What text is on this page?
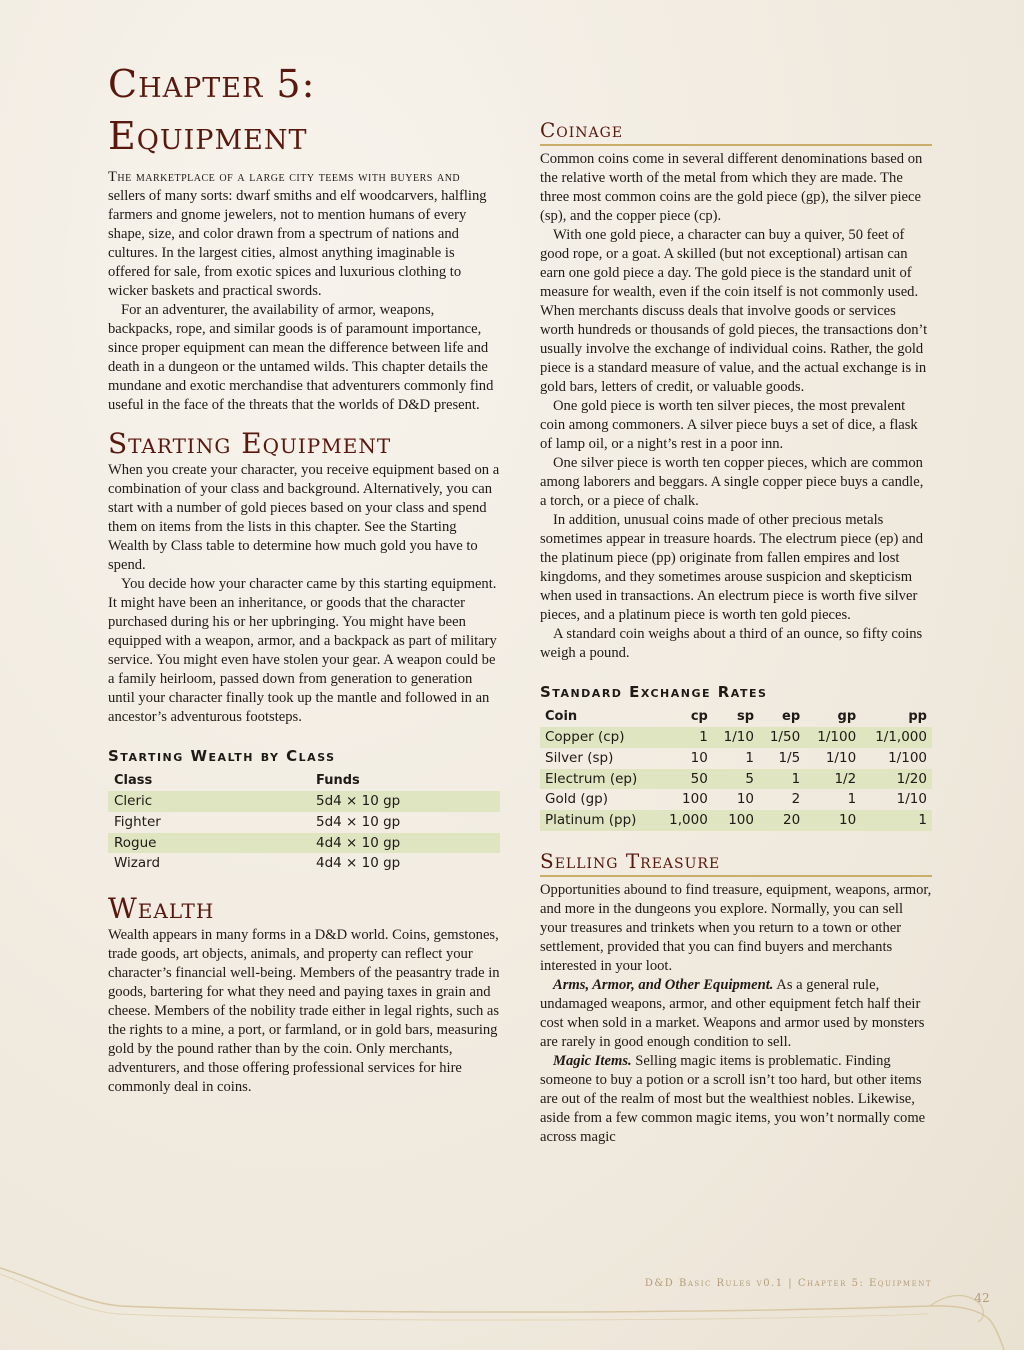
Chapter 5: Equipment

The marketplace of a large city teems with buyers and sellers of many sorts: dwarf smiths and elf woodcarvers, halfling farmers and gnome jewelers, not to mention humans of every shape, size, and color drawn from a spectrum of nations and cultures. In the largest cities, almost anything imaginable is offered for sale, from exotic spices and luxurious clothing to wicker baskets and practical swords.

For an adventurer, the availability of armor, weapons, backpacks, rope, and similar goods is of paramount importance, since proper equipment can mean the difference between life and death in a dungeon or the untamed wilds. This chapter details the mundane and exotic merchandise that adventurers commonly find useful in the face of the threats that the worlds of D&D present.

Starting Equipment

When you create your character, you receive equipment based on a combination of your class and background. Alternatively, you can start with a number of gold pieces based on your class and spend them on items from the lists in this chapter. See the Starting Wealth by Class table to determine how much gold you have to spend.

You decide how your character came by this starting equipment. It might have been an inheritance, or goods that the character purchased during his or her upbringing. You might have been equipped with a weapon, armor, and a backpack as part of military service. You might even have stolen your gear. A weapon could be a family heirloom, passed down from generation to generation until your character finally took up the mantle and followed in an ancestor’s adventurous footsteps.

Starting Wealth by Class
Class	Funds
Cleric	5d4 × 10 gp
Fighter	5d4 × 10 gp
Rogue	4d4 × 10 gp
Wizard	4d4 × 10 gp
Wealth

Wealth appears in many forms in a D&D world. Coins, gemstones, trade goods, art objects, animals, and property can reflect your character’s financial well-being. Members of the peasantry trade in goods, bartering for what they need and paying taxes in grain and cheese. Members of the nobility trade either in legal rights, such as the rights to a mine, a port, or farmland, or in gold bars, measuring gold by the pound rather than by the coin. Only merchants, adventurers, and those offering professional services for hire commonly deal in coins.

Coinage

Common coins come in several different denominations based on the relative worth of the metal from which they are made. The three most common coins are the gold piece (gp), the silver piece (sp), and the copper piece (cp).

With one gold piece, a character can buy a quiver, 50 feet of good rope, or a goat. A skilled (but not exceptional) artisan can earn one gold piece a day. The gold piece is the standard unit of measure for wealth, even if the coin itself is not commonly used. When merchants discuss deals that involve goods or services worth hundreds or thousands of gold pieces, the transactions don’t usually involve the exchange of individual coins. Rather, the gold piece is a standard measure of value, and the actual exchange is in gold bars, letters of credit, or valuable goods.

One gold piece is worth ten silver pieces, the most prevalent coin among commoners. A silver piece buys a set of dice, a flask of lamp oil, or a night’s rest in a poor inn.

One silver piece is worth ten copper pieces, which are common among laborers and beggars. A single copper piece buys a candle, a torch, or a piece of chalk.

In addition, unusual coins made of other precious metals sometimes appear in treasure hoards. The electrum piece (ep) and the platinum piece (pp) originate from fallen empires and lost kingdoms, and they sometimes arouse suspicion and skepticism when used in transactions. An electrum piece is worth five silver pieces, and a platinum piece is worth ten gold pieces.

A standard coin weighs about a third of an ounce, so fifty coins weigh a pound.

Standard Exchange Rates
Coin	cp	sp	ep	gp	pp
Copper (cp)	1	1/10	1/50	1/100	1/1,000
Silver (sp)	10	1	1/5	1/10	1/100
Electrum (ep)	50	5	1	1/2	1/20
Gold (gp)	100	10	2	1	1/10
Platinum (pp)	1,000	100	20	10	1
Selling Treasure

Opportunities abound to find treasure, equipment, weapons, armor, and more in the dungeons you explore. Normally, you can sell your treasures and trinkets when you return to a town or other settlement, provided that you can find buyers and merchants interested in your loot.

Arms, Armor, and Other Equipment. As a general rule, undamaged weapons, armor, and other equipment fetch half their cost when sold in a market. Weapons and armor used by monsters are rarely in good enough condition to sell.

Magic Items. Selling magic items is problematic. Finding someone to buy a potion or a scroll isn’t too hard, but other items are out of the realm of most but the wealthiest nobles. Likewise, aside from a few common magic items, you won’t normally come across magic

D&D Basic Rules v0.1 | Chapter 5: Equipment
42
